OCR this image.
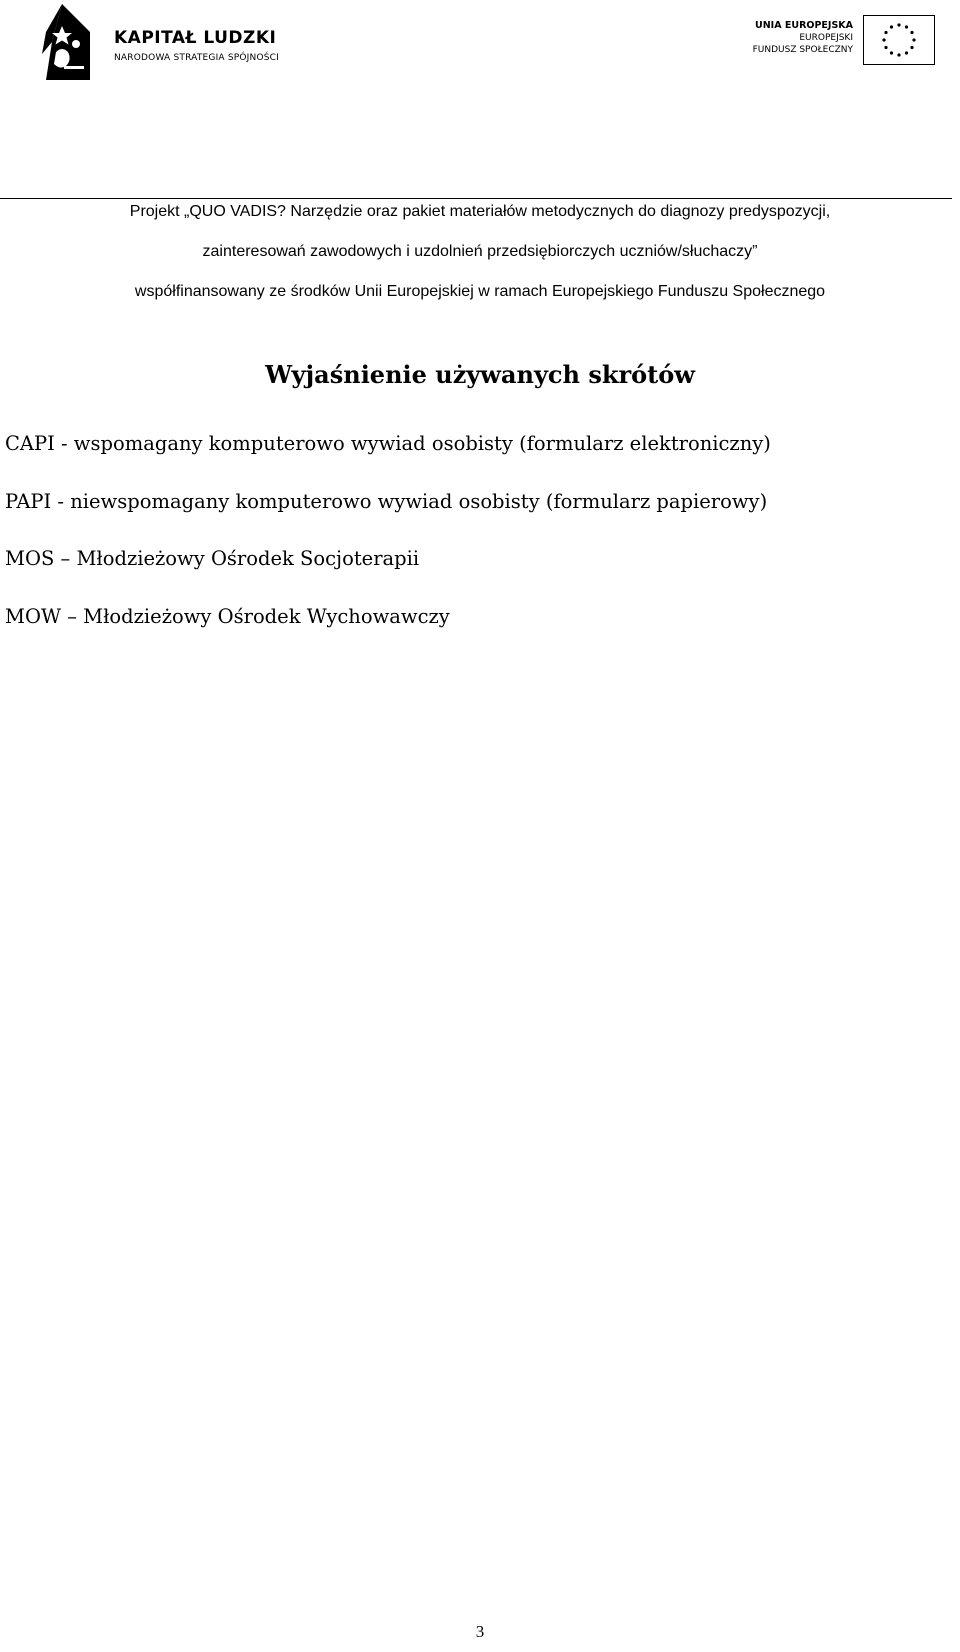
KAPITAŁ LUDZKI
NARODOWA STRATEGIA SPÓJNOŚCI
UNIA EUROPEJSKA
EUROPEJSKI
FUNDUSZ SPOŁECZNY
Projekt „QUO VADIS? Narzędzie oraz pakiet materiałów metodycznych do diagnozy predyspozycji,
zainteresowań zawodowych i uzdolnień przedsiębiorczych uczniów/słuchaczy”
współfinansowany ze środków Unii Europejskiej w ramach Europejskiego Funduszu Społecznego
Wyjaśnienie używanych skrótów
CAPI - wspomagany komputerowo wywiad osobisty (formularz elektroniczny)
PAPI - niewspomagany komputerowo wywiad osobisty (formularz papierowy)
MOS – Młodzieżowy Ośrodek Socjoterapii
MOW – Młodzieżowy Ośrodek Wychowawczy
3
